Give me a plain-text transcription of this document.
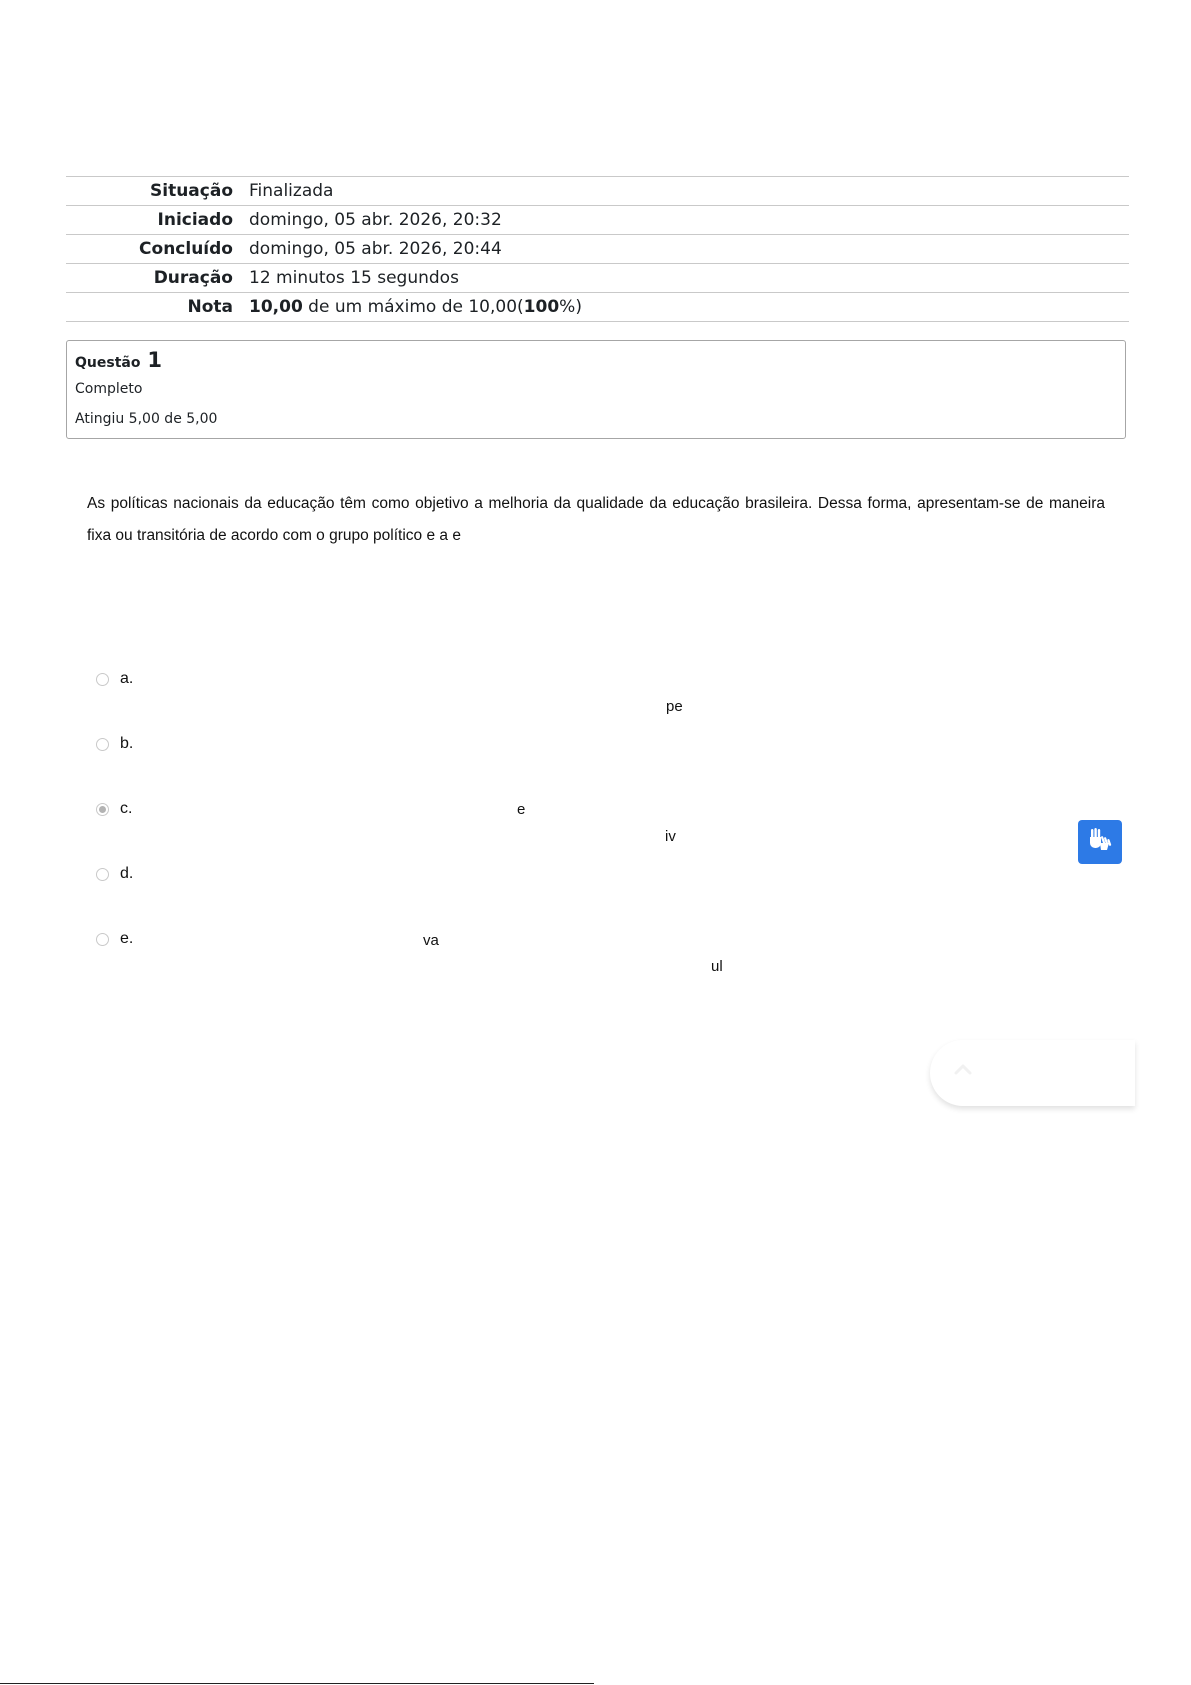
Situação	Finalizada
Iniciado	domingo, 05 abr. 2026, 20:32
Concluído	domingo, 05 abr. 2026, 20:44
Duração	12 minutos 15 segundos
Nota	10,00 de um máximo de 10,00(100%)
Questão 1
Completo
Atingiu 5,00 de 5,00
As políticas nacionais da educação têm como objetivo a melhoria da qualidade da educação brasileira. Dessa forma, apresentam-se de maneira fixa ou transitória de acordo com o grupo político e a e
a.
pe
b.
c.	e
iv
d.
e.	va
ul
